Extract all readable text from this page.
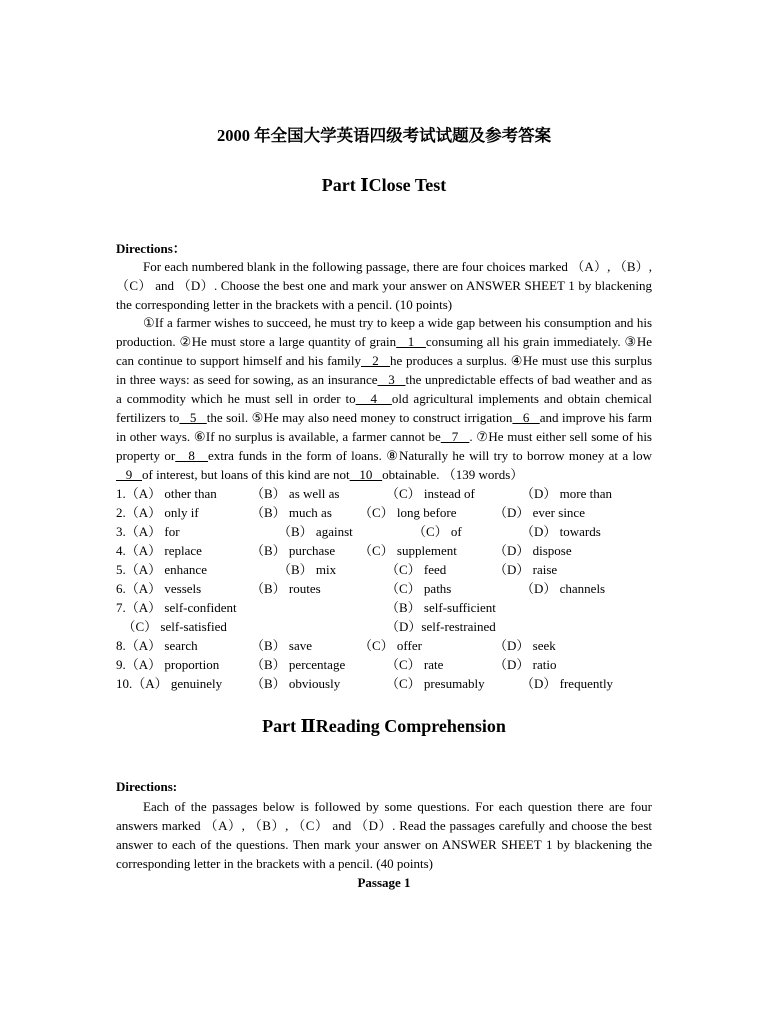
2000 年全国大学英语四级考试试题及参考答案
Part ⅠClose Test
Directions：
For each numbered blank in the following passage, there are four choices marked （A）, （B）, （C） and （D）. Choose the best one and mark your answer on ANSWER SHEET 1 by blackening the corresponding letter in the brackets with a pencil. (10 points)
①If a farmer wishes to succeed, he must try to keep a wide gap between his consumption and his production. ②He must store a large quantity of grain   1   consuming all his grain immediately. ③He can continue to support himself and his family   2   he produces a surplus. ④He must use this surplus in three ways: as seed for sowing, as an insurance   3   the unpredictable effects of bad weather and as a commodity which he must sell in order to   4   old agricultural implements and obtain chemical fertilizers to   5   the soil. ⑤He may also need money to construct irrigation   6   and improve his farm in other ways. ⑥If no surplus is available, a farmer cannot be   7   . ⑦He must either sell some of his property or   8   extra funds in the form of loans. ⑧Naturally he will try to borrow money at a low   9   of interest, but loans of this kind are not   10   obtainable. （139 words）
1.（A） other than	（B） as well as	（C） instead of	（D） more than
2.（A） only if	（B） much as （C） long before	（D） ever since
3.（A） for	（B） against	（C） of	（D） towards
4.（A） replace	（B） purchase （C） supplement	（D） dispose
5.（A） enhance	（B） mix	（C） feed	（D） raise
6.（A） vessels	（B） routes	（C） paths	（D） channels
7.（A） self-confident	（B） self-sufficient
（C） self-satisfied	（D）self-restrained
8.（A） search	（B） save	（C） offer	（D） seek
9.（A） proportion （B） percentage	（C） rate	（D） ratio
10.（A） genuinely （B） obviously	（C） presumably	（D） frequently
Part ⅡReading Comprehension
Directions:
Each of the passages below is followed by some questions. For each question there are four answers marked （A）, （B）, （C） and （D）. Read the passages carefully and choose the best answer to each of the questions. Then mark your answer on ANSWER SHEET 1 by blackening the corresponding letter in the brackets with a pencil. (40 points)
Passage 1
